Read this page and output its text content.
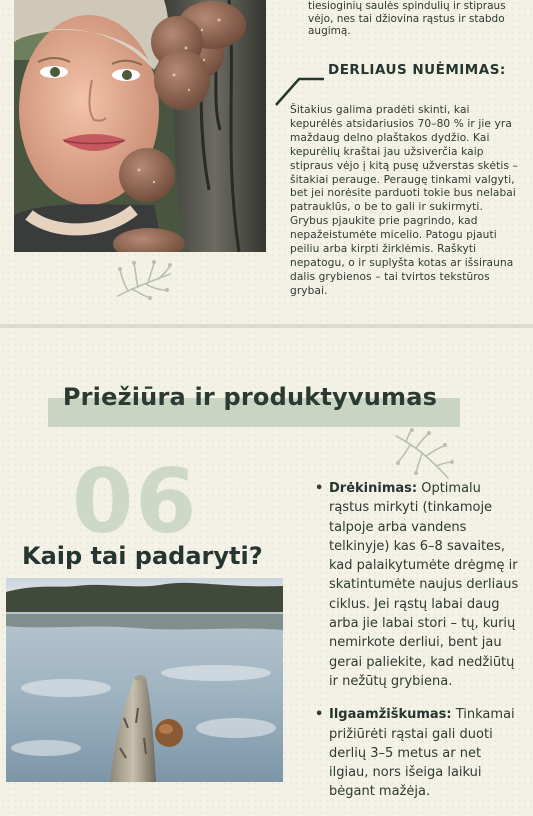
tiesioginių saulės spindulių ir stipraus vėjo, nes tai džiovina rąstus ir stabdo augimą.
DERLIAUS NUĖMIMAS:
Šitakius galima pradėti skinti, kai kepurėlės atsidariusios 70–80 % ir jie yra maždaug delno plaštakos dydžio. Kai kepurėlių kraštai jau užsiverčia kaip stipraus vėjo į kitą pusę užverstas skėtis – šitakiai perauge. Peraugę tinkami valgyti, bet jei norėsite parduoti tokie bus nelabai patrauklūs, o be to gali ir sukirmyti. Grybus pjaukite prie pagrindo, kad nepažeistumėte micelio. Patogu pjauti peiliu arba kirpti žirklėmis. Raškyti nepatogu, o ir suplyšta kotas ar išsirauna dalis grybienos – tai tvirtos tekstūros grybai.
Priežiūra ir produktyvumas
06
Kaip tai padaryti?
• Drėkinimas: Optimalu rąstus mirkyti (tinkamoje talpoje arba vandens telkinyje) kas 6–8 savaites, kad palaikytumėte drėgmę ir skatintumėte naujus derliaus ciklus. Jei rąstų labai daug arba jie labai stori – tų, kurių nemirkote derliui, bent jau gerai paliekite, kad nedžiūtų ir nežūtų grybiena.
• Ilgaamžiškumas: Tinkamai prižiūrėti rąstai gali duoti derlių 3–5 metus ar net ilgiau, nors išeiga laikui bėgant mažėja.
